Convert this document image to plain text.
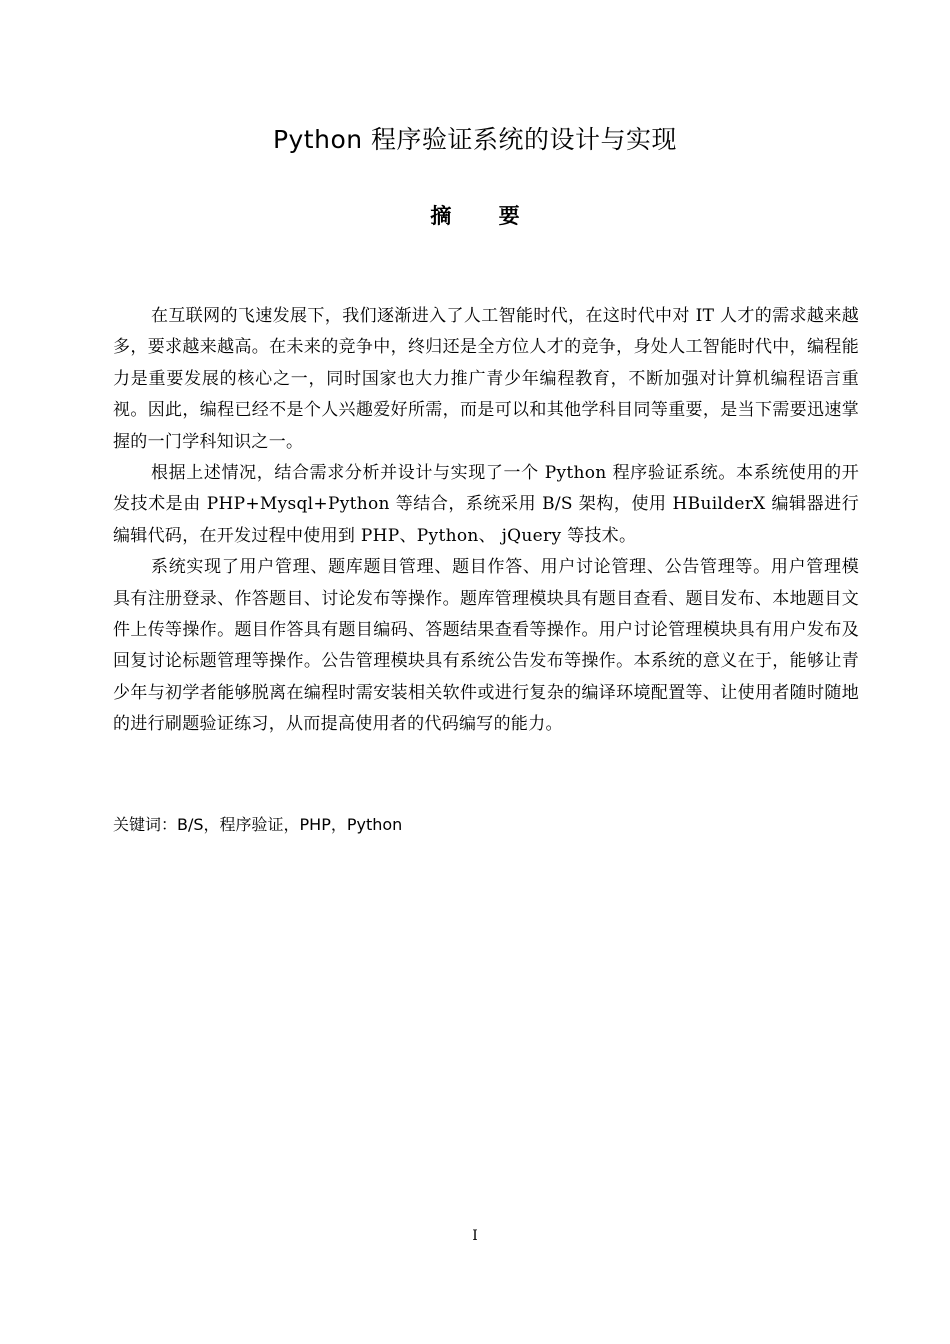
Python 程序验证系统的设计与实现
摘 要

在互联网的飞速发展下，我们逐渐进入了人工智能时代，在这时代中对 IT 人才的需求越来越多，要求越来越高。在未来的竞争中，终归还是全方位人才的竞争，身处人工智能时代中，编程能力是重要发展的核心之一，同时国家也大力推广青少年编程教育，不断加强对计算机编程语言重视。因此，编程已经不是个人兴趣爱好所需，而是可以和其他学科目同等重要，是当下需要迅速掌握的一门学科知识之一。

根据上述情况，结合需求分析并设计与实现了一个 Python 程序验证系统。本系统使用的开发技术是由 PHP+Mysql+Python 等结合，系统采用 B/S 架构，使用 HBuilderX 编辑器进行编辑代码，在开发过程中使用到 PHP、Python、 jQuery 等技术。

系统实现了用户管理、题库题目管理、题目作答、用户讨论管理、公告管理等。用户管理模具有注册登录、作答题目、讨论发布等操作。题库管理模块具有题目查看、题目发布、本地题目文件上传等操作。题目作答具有题目编码、答题结果查看等操作。用户讨论管理模块具有用户发布及回复讨论标题管理等操作。公告管理模块具有系统公告发布等操作。本系统的意义在于，能够让青少年与初学者能够脱离在编程时需安装相关软件或进行复杂的编译环境配置等、让使用者随时随地的进行刷题验证练习，从而提高使用者的代码编写的能力。

关键词：B/S，程序验证，PHP，Python
I
